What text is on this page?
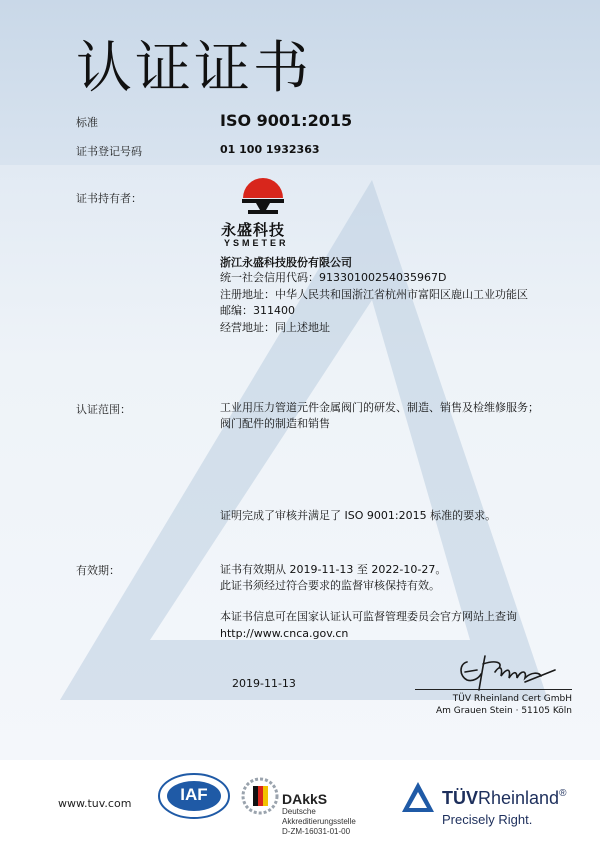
认证证书
标准	ISO 9001:2015
证书登记号码	01 100 1932363
证书持有者：
永盛科技
YSMETER
浙江永盛科技股份有限公司
统一社会信用代码：91330100254035967D
注册地址：中华人民共和国浙江省杭州市富阳区鹿山工业功能区
邮编：311400
经营地址：同上述地址
认证范围：	工业用压力管道元件金属阀门的研发、制造、销售及检维修服务；
阀门配件的制造和销售
证明完成了审核并满足了 ISO 9001:2015 标准的要求。
有效期：	证书有效期从 2019-11-13 至 2022-10-27。
此证书须经过符合要求的监督审核保持有效。
本证书信息可在国家认证认可监督管理委员会官方网站上查询
http://www.cnca.gov.cn
2019-11-13
TÜV Rheinland Cert GmbH
Am Grauen Stein · 51105 Köln
www.tuv.com	IAF	DAkkS
Deutsche
Akkreditierungsstelle
D-ZM-16031-01-00
TÜVRheinland®
Precisely Right.
